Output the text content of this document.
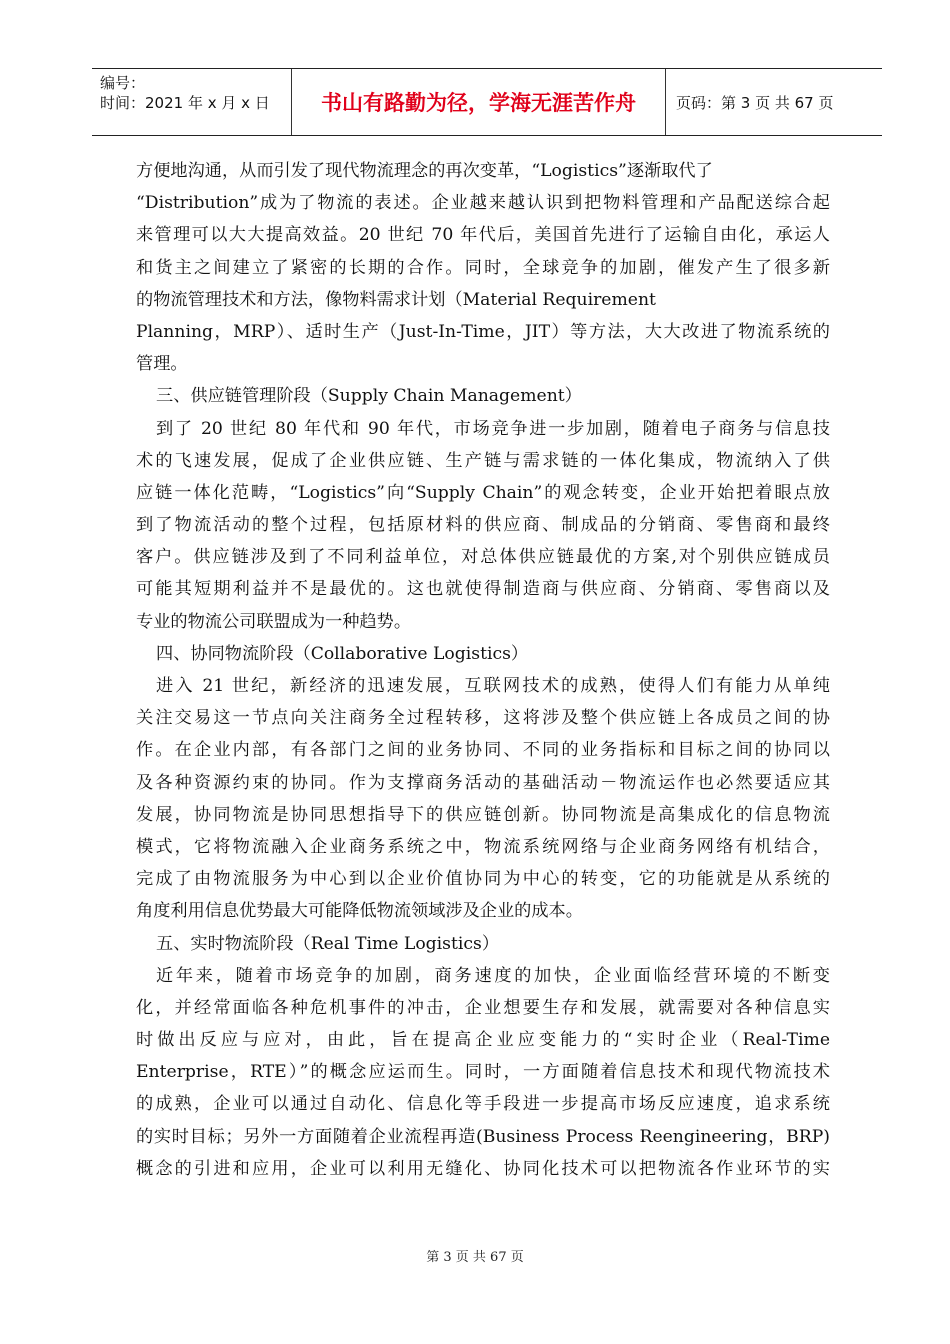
编号：
时间：2021 年 x 月 x 日	书山有路勤为径，学海无涯苦作舟	页码：第 3 页 共 67 页
方便地沟通，从而引发了现代物流理念的再次变革，“Logistics”逐渐取代了
“Distribution”成为了物流的表述。企业越来越认识到把物料管理和产品配送综合起
来管理可以大大提高效益。20 世纪 70 年代后，美国首先进行了运输自由化，承运人
和货主之间建立了紧密的长期的合作。同时，全球竞争的加剧，催发产生了很多新
的物流管理技术和方法，像物料需求计划（Material Requirement
Planning，MRP）、适时生产（Just-In-Time，JIT）等方法，大大改进了物流系统的
管理。
三、供应链管理阶段（Supply Chain Management）
到了 20 世纪 80 年代和 90 年代，市场竞争进一步加剧，随着电子商务与信息技
术的飞速发展，促成了企业供应链、生产链与需求链的一体化集成，物流纳入了供
应链一体化范畴，“Logistics”向“Supply Chain”的观念转变，企业开始把着眼点放
到了物流活动的整个过程，包括原材料的供应商、制成品的分销商、零售商和最终
客户。供应链涉及到了不同利益单位，对总体供应链最优的方案,对个别供应链成员
可能其短期利益并不是最优的。这也就使得制造商与供应商、分销商、零售商以及
专业的物流公司联盟成为一种趋势。
四、协同物流阶段（Collaborative Logistics）
进入 21 世纪，新经济的迅速发展，互联网技术的成熟，使得人们有能力从单纯
关注交易这一节点向关注商务全过程转移，这将涉及整个供应链上各成员之间的协
作。在企业内部，有各部门之间的业务协同、不同的业务指标和目标之间的协同以
及各种资源约束的协同。作为支撑商务活动的基础活动－物流运作也必然要适应其
发展，协同物流是协同思想指导下的供应链创新。协同物流是高集成化的信息物流
模式，它将物流融入企业商务系统之中，物流系统网络与企业商务网络有机结合，
完成了由物流服务为中心到以企业价值协同为中心的转变，它的功能就是从系统的
角度利用信息优势最大可能降低物流领域涉及企业的成本。
五、实时物流阶段（Real Time Logistics）
近年来，随着市场竞争的加剧，商务速度的加快，企业面临经营环境的不断变
化，并经常面临各种危机事件的冲击，企业想要生存和发展，就需要对各种信息实
时做出反应与应对，由此，旨在提高企业应变能力的“实时企业（Real-Time
Enterprise，RTE）”的概念应运而生。同时，一方面随着信息技术和现代物流技术
的成熟，企业可以通过自动化、信息化等手段进一步提高市场反应速度，追求系统
的实时目标；另外一方面随着企业流程再造(Business Process Reengineering，BRP)
概念的引进和应用，企业可以利用无缝化、协同化技术可以把物流各作业环节的实
第 3 页 共 67 页
